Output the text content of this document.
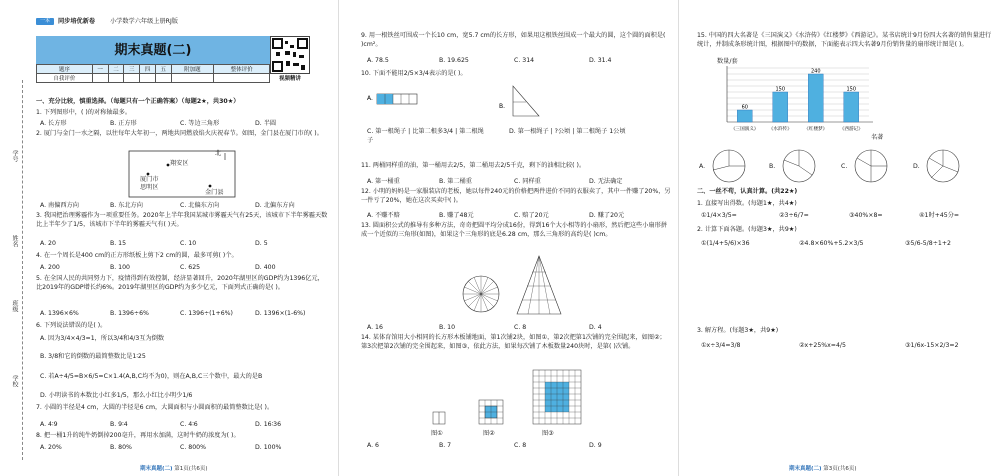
一本	同步培优新卷 小学数学六年级上册RJ版
期末真题(二)
视频精讲
题序	一	二	三	四	五	附加题	整体评价
自我评价							
学号
姓名
班级
学校
一、充分比较，慎重选择。（每题只有一个正确答案）（每题2★，共30★）
1. 下列图形中，( )的对称轴最多。
A. 长方形	B. 正方形	C. 等边三角形	D. 半圆
2. 厦门与金门一水之隔，以往每年大年初一，两地共同燃放焰火庆祝春节。如图，金门县在厦门市的( )。
北
厦门市
思明区
翔安区
金门县
A. 南偏西方向	B. 东北方向	C. 北偏东方向	D. 北偏东方向
3. 我国把治理雾霾作为一项重要任务。2020年上半年我国某城市雾霾天气有25天，该城市下半年雾霾天数比上半年少了1/5，该城市下半年的雾霾天气有( )天。
A. 20	B. 15	C. 10	D. 5
4. 在一个周长是400 cm的正方形纸板上剪下2 cm的圆，最多可剪( )个。
A. 200	B. 100	C. 625	D. 400
5. 在全国人民的共同努力下，疫情得到有效控制，经济显著回升，2020年湖里区的GDP约为1396亿元，比2019年的GDP增长约6%。2019年湖里区的GDP约为多少亿元，下面列式正确的是( )。
A. 1396×6%	B. 1396÷6%	C. 1396÷(1+6%)	D. 1396×(1-6%)
6. 下列说法错误的是( )。
A. 因为3/4×4/3=1，所以3/4和4/3互为倒数
B. 3/8和它的倒数的最简整数比是1∶25
C. 若A÷4/5=B×6/5=C×1.4(A,B,C均不为0)，则在A,B,C三个数中，最大的是B
D. 小明读书的本数比小红多1/5，那么小红比小明少1/6
7. 小圆的半径是4 cm，大圆的半径是6 cm，大圆面积与小圆面积的最简整数比是( )。
A. 4∶9	B. 9∶4	C. 4∶6	D. 16∶36
8. 把一桶1升的纯牛奶倒掉200亳升，再用水加满，这时牛奶的浓度为( )。
A. 20%	B. 80%	C. 800%	D. 100%
期末真题(二) 第1页(共6页)
9. 用一根铁丝可围成一个长10 cm，宽5.7 cm的长方形，如果用这根铁丝围成一个最大的圆，这个圆的面积是( )cm²。
A. 78.5	B. 19.625	C. 314	D. 31.4
10. 下面不能用2/5×3/4表示的是( )。
A.
B.
C. 第一根绳子 | 比第二根多3/4 | 第二根绳子
D. 第一根绳子 | ?公顷 | 第二根绳子 1公顷
11. 两桶同样重的油，第一桶用去2/5，第二桶用去2/5千克，剩下的油相比较( )。
A. 第一桶重	B. 第二桶重	C. 同样重	D. 无法确定
12. 小明的妈妈是一家服装店的老板，她以每件240元的价格把两件进价不同的衣服卖了，其中一件赚了20%，另一件亏了20%，她在这次买卖中( )。
A. 不赚不赔	B. 赚了48元	C. 赔了20元	D. 赚了20元
13. 圆面积公式的推导有多种方法，奇奇把圆平均分成16份，得到16个大小相等的小扇形，然后把这些小扇形拼成一个近似的三角形(如图)，如果这个三角形的底是6.28 cm，那么三角形的高约是( )cm。
A. 16	B. 10	C. 8	D. 4
14. 某体育馆用大小相同的长方形木板铺地面，第1次铺2块，如图①，第2次把第1次铺的完全围起来，如图②；第3次把第2次铺的完全围起来，如图③，依此方法，如果每次铺了木板数量240块时，是第( )次铺。
图①	图②	图③
A. 6	B. 7	C. 8	D. 9
15. 中国的四大名著是《三国演义》《水浒传》《红楼梦》《西游记》。某书店统计9月份四大名著的销售量进行统计，并制成条形统计图，根据图中的数据，下面能表示四大名著9月份销售量的扇形统计图是( )。
数量/套
60
《三国演义》
150
《水浒传》
240
《红楼梦》
150
《西游记》
名著
A.	B.	C.	D.
二、一丝不苟，认真计算。(共22★)
1. 直接写出得数。(每题1★，共4★)
①1/4×3/5=	②3÷6/7=	③40%×8=	④1时+45分=
2. 计算下面各题。(每题3★，共9★)
①(1/4+5/6)×36	②4.8×60%+5.2×3/5	③5/6-5/8÷1+2
3. 解方程。(每题3★，共9★)
①x÷3/4=3/8	②x+25%x=4/5	③1/6x-15×2/3=2
期末真题(二) 第3页(共6页)
